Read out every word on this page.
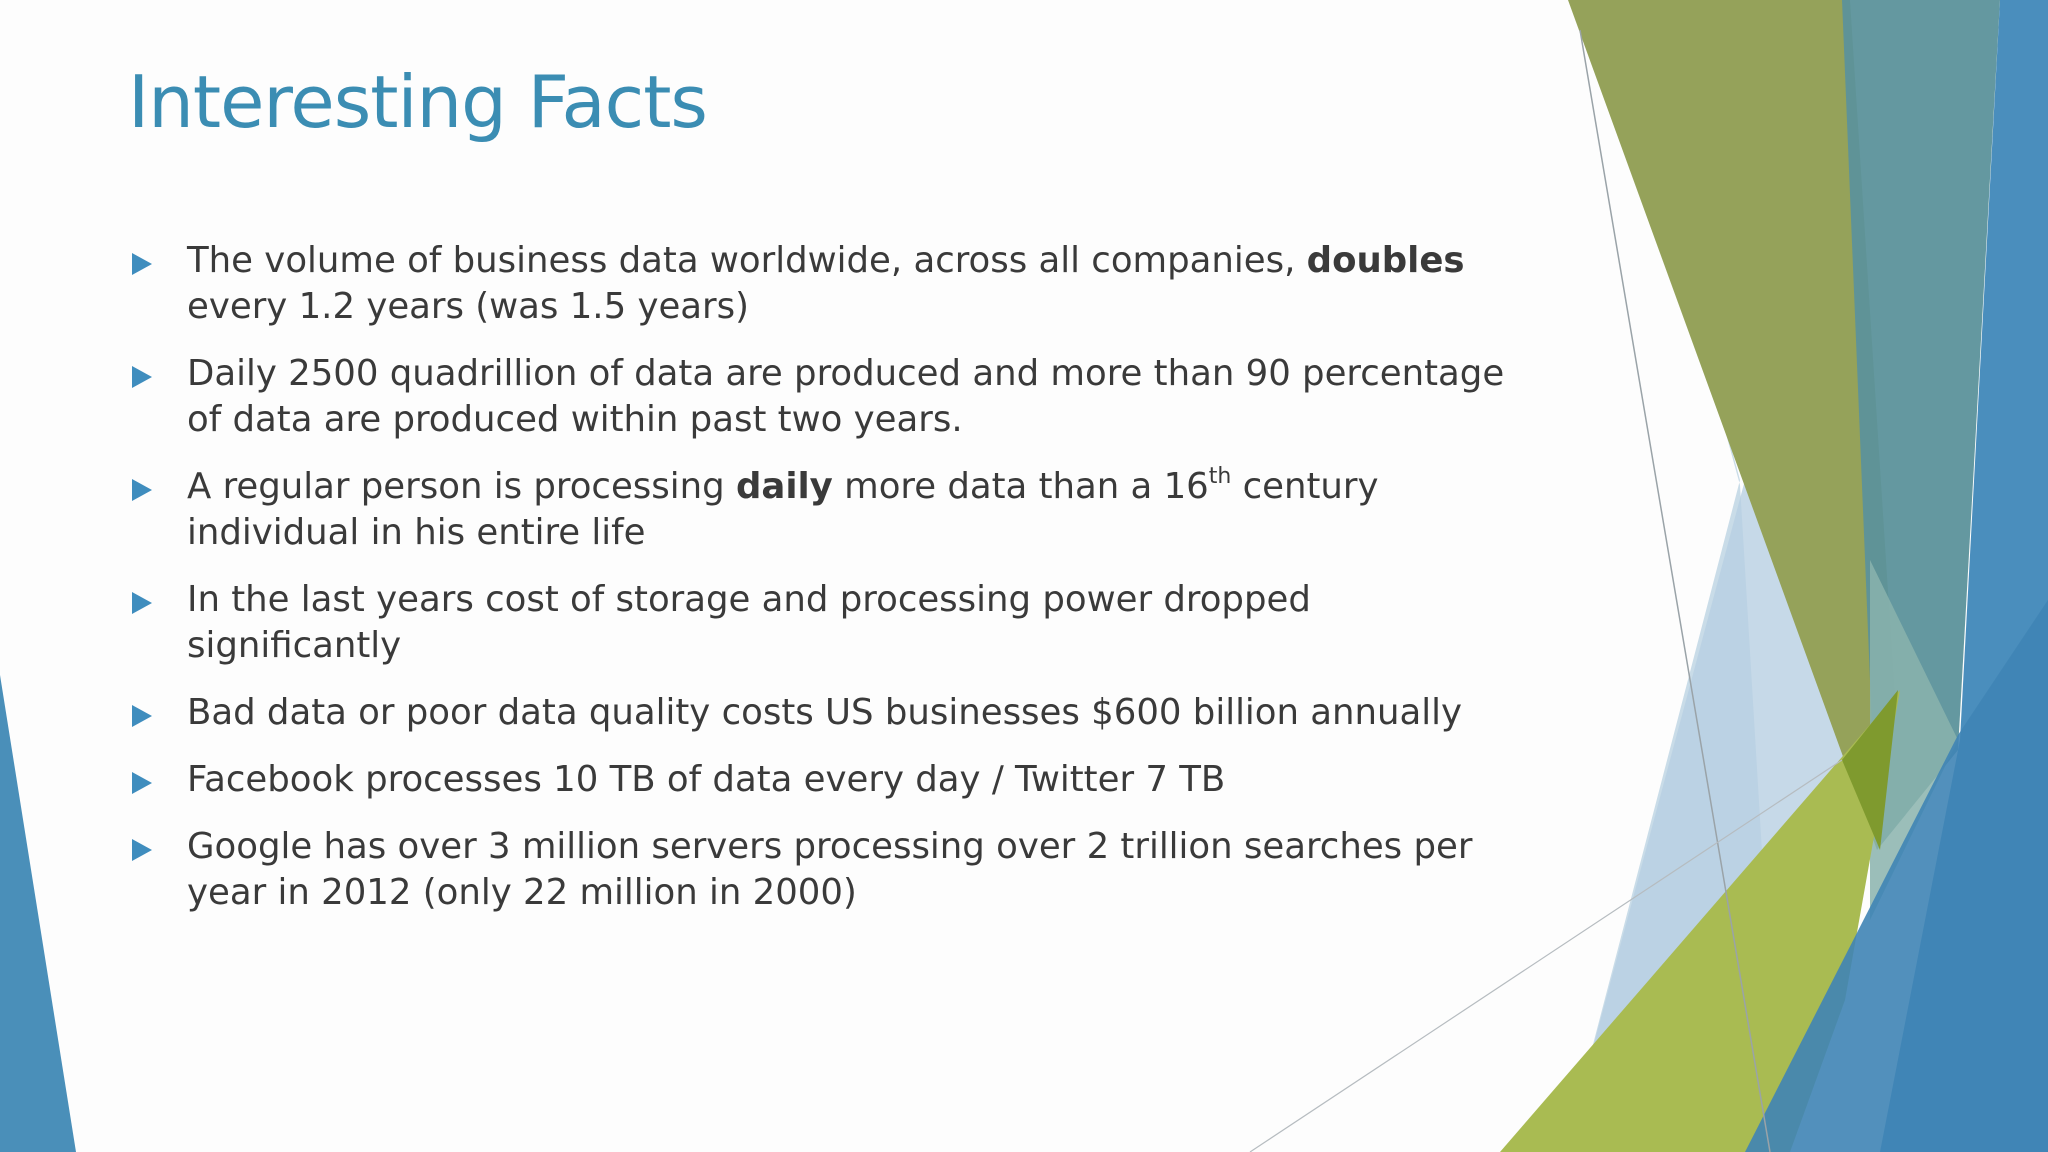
Interesting Facts
The volume of business data worldwide, across all companies, doubles every 1.2 years (was 1.5 years)
Daily 2500 quadrillion of data are produced and more than 90 percentage of data are produced within past two years.
A regular person is processing daily more data than a 16th century individual in his entire life
In the last years cost of storage and processing power dropped significantly
Bad data or poor data quality costs US businesses $600 billion annually
Facebook processes 10 TB of data every day / Twitter 7 TB
Google has over 3 million servers processing over 2 trillion searches per year in 2012 (only 22 million in 2000)
